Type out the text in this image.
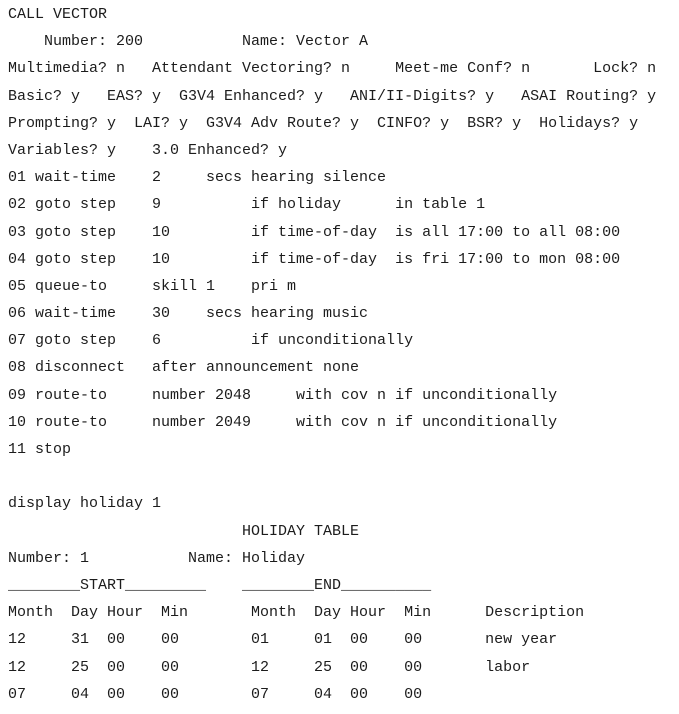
CALL VECTOR
Number: 200           Name: Vector A
Multimedia? n   Attendant Vectoring? n     Meet-me Conf? n       Lock? n
Basic? y   EAS? y  G3V4 Enhanced? y   ANI/II-Digits? y   ASAI Routing? y
Prompting? y  LAI? y  G3V4 Adv Route? y  CINFO? y  BSR? y  Holidays? y
Variables? y    3.0 Enhanced? y
01 wait-time    2     secs hearing silence
02 goto step    9          if holiday      in table 1
03 goto step    10         if time-of-day  is all 17:00 to all 08:00
04 goto step    10         if time-of-day  is fri 17:00 to mon 08:00
05 queue-to     skill 1    pri m
06 wait-time    30    secs hearing music
07 goto step    6          if unconditionally
08 disconnect   after announcement none
09 route-to     number 2048     with cov n if unconditionally
10 route-to     number 2049     with cov n if unconditionally
11 stop
display holiday 1
HOLIDAY TABLE
Number: 1           Name: Holiday
________START_________    ________END__________
Month  Day Hour  Min       Month  Day Hour  Min      Description
12     31  00    00        01     01  00    00       new year
12     25  00    00        12     25  00    00       labor
07     04  00    00        07     04  00    00
